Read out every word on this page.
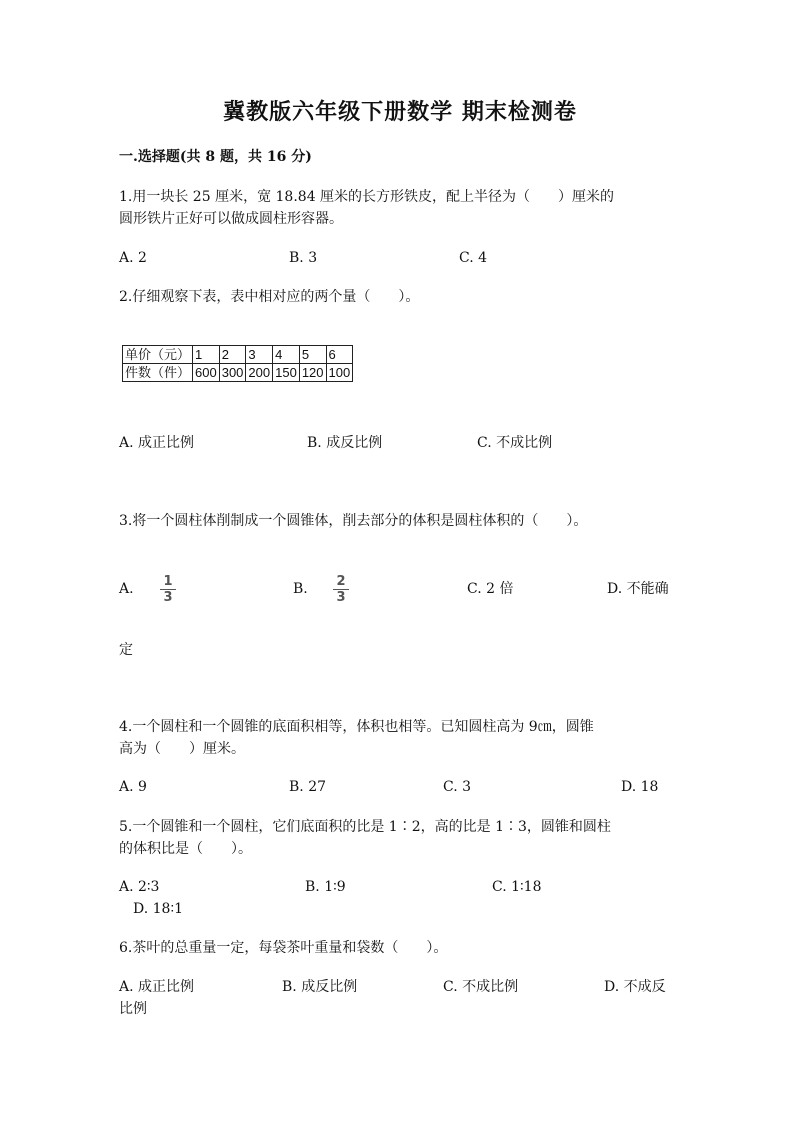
冀教版六年级下册数学 期末检测卷
一.选择题(共 8 题，共 16 分)
1.用一块长 25 厘米，宽 18.84 厘米的长方形铁皮，配上半径为（　　）厘米的
圆形铁片正好可以做成圆柱形容器。
A. 2	B. 3	C. 4
2.仔细观察下表，表中相对应的两个量（　　）。
单价（元）	1	2	3	4	5	6
件数（件）	600	300	200	150	120	100
A. 成正比例	B. 成反比例	C. 不成比例
3.将一个圆柱体削制成一个圆锥体，削去部分的体积是圆柱体积的（　　）。
A. 1
3
B. 2
3
C. 2 倍	D. 不能确
定
4.一个圆柱和一个圆锥的底面积相等，体积也相等。已知圆柱高为 9㎝，圆锥
高为（　　）厘米。
A. 9	B. 27	C. 3	D. 18
5.一个圆锥和一个圆柱，它们底面积的比是 1∶2，高的比是 1∶3，圆锥和圆柱
的体积比是（　　）。
A. 2∶3	B. 1∶9	C. 1∶18
D. 18∶1
6.茶叶的总重量一定，每袋茶叶重量和袋数（　　）。
A. 成正比例	B. 成反比例	C. 不成比例	D. 不成反
比例
